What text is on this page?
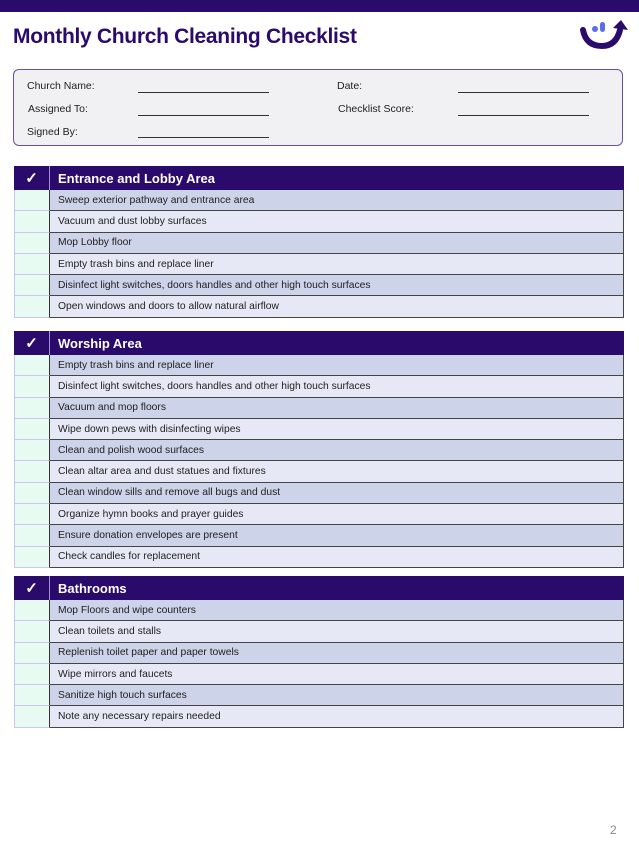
Monthly Church Cleaning Checklist
Church Name:
Assigned To:
Signed By:
Date:
Checklist Score:
✓	Entrance and Lobby Area
Sweep exterior pathway and entrance area
Vacuum and dust lobby surfaces
Mop Lobby floor
Empty trash bins and replace liner
Disinfect light switches, doors handles and other high touch surfaces
Open windows and doors to allow natural airflow
✓	Worship Area
Empty trash bins and replace liner
Disinfect light switches, doors handles and other high touch surfaces
Vacuum and mop floors
Wipe down pews with disinfecting wipes
Clean and polish wood surfaces
Clean altar area and dust statues and fixtures
Clean window sills and remove all bugs and dust
Organize hymn books and prayer guides
Ensure donation envelopes are present
Check candles for replacement
✓	Bathrooms
Mop Floors and wipe counters
Clean toilets and stalls
Replenish toilet paper and paper towels
Wipe mirrors and faucets
Sanitize high touch surfaces
Note any necessary repairs needed
2
